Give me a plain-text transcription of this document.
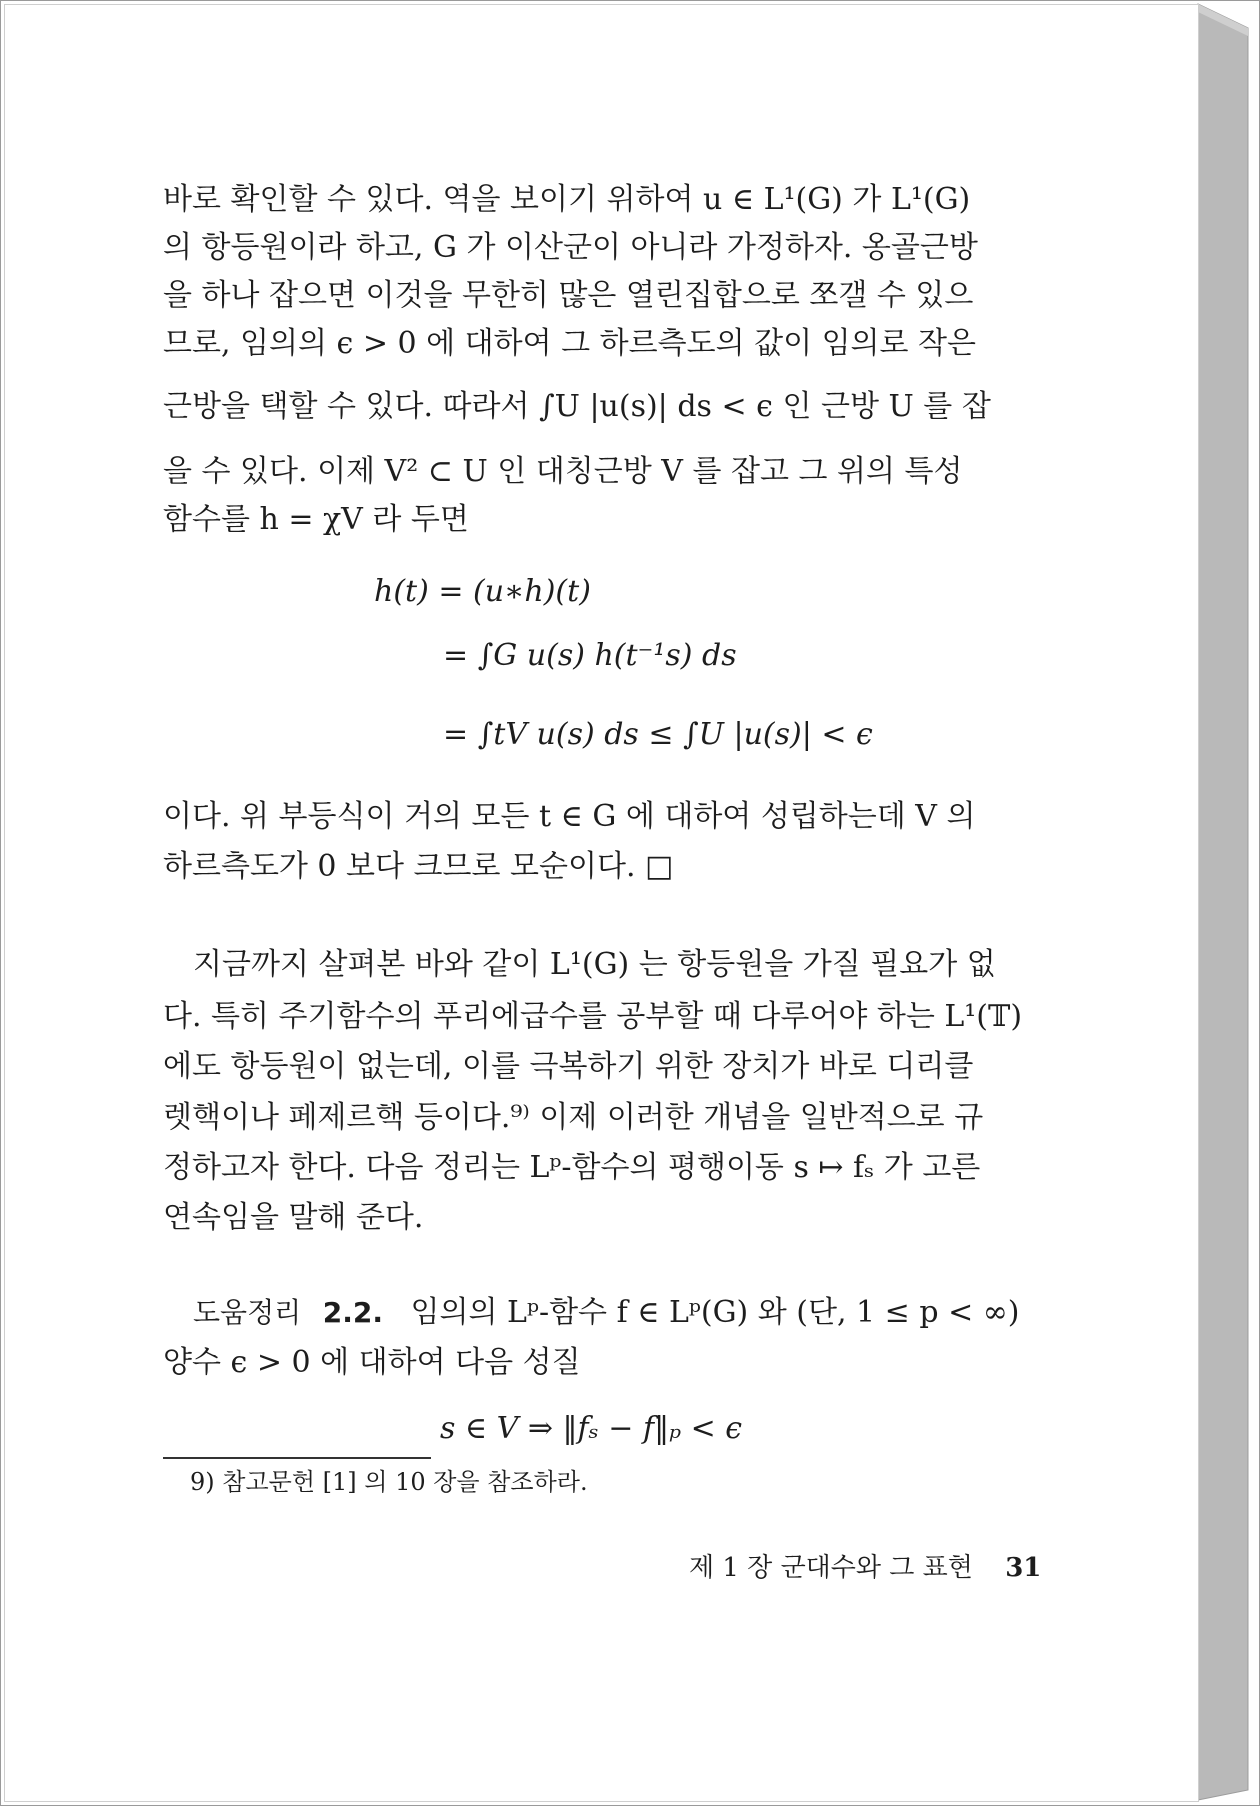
바로 확인할 수 있다. 역을 보이기 위하여 u ∈ L¹(G) 가 L¹(G)
의 항등원이라 하고, G 가 이산군이 아니라 가정하자. 옹골근방
을 하나 잡으면 이것을 무한히 많은 열린집합으로 쪼갤 수 있으
므로, 임의의 ϵ > 0 에 대하여 그 하르측도의 값이 임의로 작은
근방을 택할 수 있다. 따라서 ∫U |u(s)| ds < ϵ 인 근방 U 를 잡
을 수 있다. 이제 V² ⊂ U 인 대칭근방 V 를 잡고 그 위의 특성
함수를 h = χV 라 두면
h(t) = (u∗h)(t)
= ∫G u(s) h(t⁻¹s) ds
= ∫tV u(s) ds ≤ ∫U |u(s)| < ϵ
이다. 위 부등식이 거의 모든 t ∈ G 에 대하여 성립하는데 V 의
하르측도가 0 보다 크므로 모순이다. □
지금까지 살펴본 바와 같이 L¹(G) 는 항등원을 가질 필요가 없
다. 특히 주기함수의 푸리에급수를 공부할 때 다루어야 하는 L¹(𝕋)
에도 항등원이 없는데, 이를 극복하기 위한 장치가 바로 디리클
렛핵이나 페제르핵 등이다.⁹⁾ 이제 이러한 개념을 일반적으로 규
정하고자 한다. 다음 정리는 Lᵖ-함수의 평행이동 s ↦ fₛ 가 고른
연속임을 말해 준다.
도움정리 2.2. 임의의 Lᵖ-함수 f ∈ Lᵖ(G) 와 (단, 1 ≤ p < ∞)
양수 ϵ > 0 에 대하여 다음 성질
s ∈ V ⇒ ‖fₛ − f‖ₚ < ϵ
9) 참고문헌 [1] 의 10 장을 참조하라.
제 1 장 군대수와 그 표현 31
